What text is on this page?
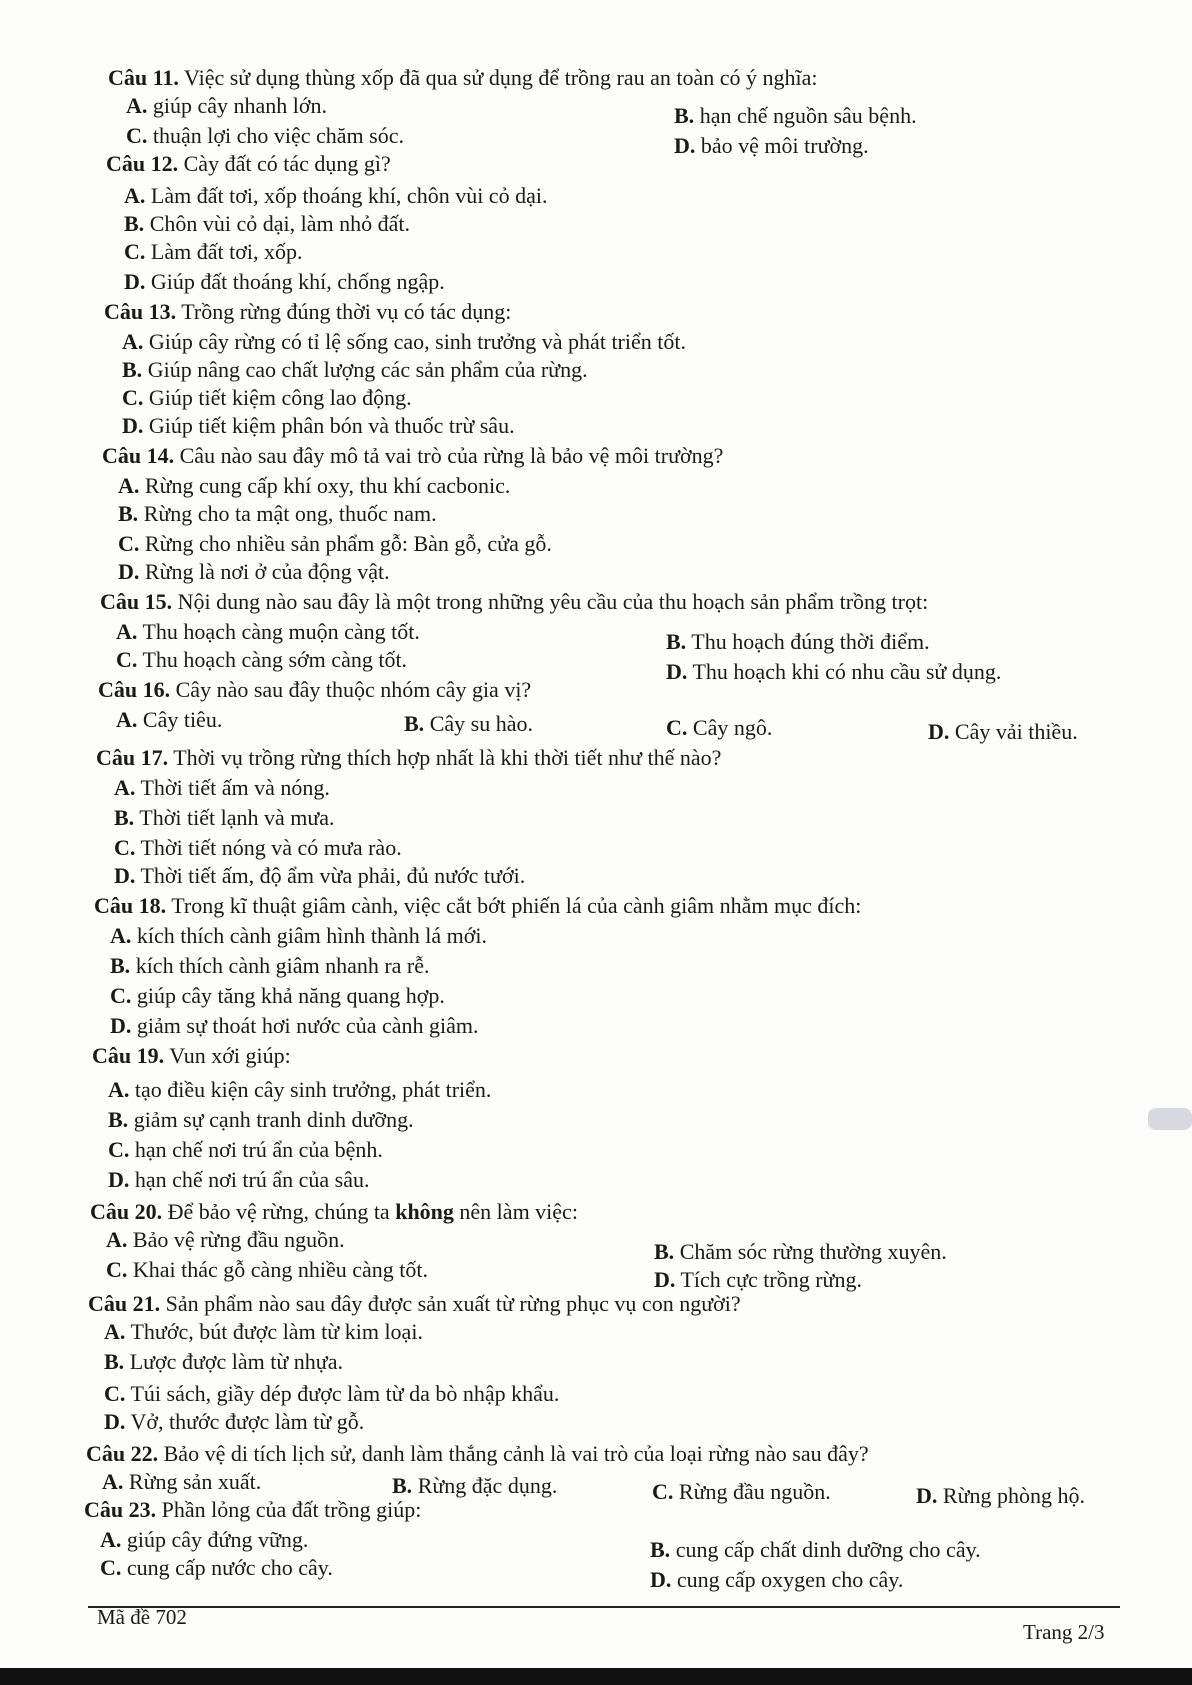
Câu 11. Việc sử dụng thùng xốp đã qua sử dụng để trồng rau an toàn có ý nghĩa:
A. giúp cây nhanh lớn.	B. hạn chế nguồn sâu bệnh.
C. thuận lợi cho việc chăm sóc.	D. bảo vệ môi trường.
Câu 12. Cày đất có tác dụng gì?
A. Làm đất tơi, xốp thoáng khí, chôn vùi cỏ dại.
B. Chôn vùi cỏ dại, làm nhỏ đất.
C. Làm đất tơi, xốp.
D. Giúp đất thoáng khí, chống ngập.
Câu 13. Trồng rừng đúng thời vụ có tác dụng:
A. Giúp cây rừng có tỉ lệ sống cao, sinh trưởng và phát triển tốt.
B. Giúp nâng cao chất lượng các sản phẩm của rừng.
C. Giúp tiết kiệm công lao động.
D. Giúp tiết kiệm phân bón và thuốc trừ sâu.
Câu 14. Câu nào sau đây mô tả vai trò của rừng là bảo vệ môi trường?
A. Rừng cung cấp khí oxy, thu khí cacbonic.
B. Rừng cho ta mật ong, thuốc nam.
C. Rừng cho nhiều sản phẩm gỗ: Bàn gỗ, cửa gỗ.
D. Rừng là nơi ở của động vật.
Câu 15. Nội dung nào sau đây là một trong những yêu cầu của thu hoạch sản phẩm trồng trọt:
A. Thu hoạch càng muộn càng tốt.	B. Thu hoạch đúng thời điểm.
C. Thu hoạch càng sớm càng tốt.	D. Thu hoạch khi có nhu cầu sử dụng.
Câu 16. Cây nào sau đây thuộc nhóm cây gia vị?
A. Cây tiêu.	B. Cây su hào.	C. Cây ngô.	D. Cây vải thiều.
Câu 17. Thời vụ trồng rừng thích hợp nhất là khi thời tiết như thế nào?
A. Thời tiết ấm và nóng.
B. Thời tiết lạnh và mưa.
C. Thời tiết nóng và có mưa rào.
D. Thời tiết ấm, độ ẩm vừa phải, đủ nước tưới.
Câu 18. Trong kĩ thuật giâm cành, việc cắt bớt phiến lá của cành giâm nhằm mục đích:
A. kích thích cành giâm hình thành lá mới.
B. kích thích cành giâm nhanh ra rễ.
C. giúp cây tăng khả năng quang hợp.
D. giảm sự thoát hơi nước của cành giâm.
Câu 19. Vun xới giúp:
A. tạo điều kiện cây sinh trưởng, phát triển.
B. giảm sự cạnh tranh dinh dưỡng.
C. hạn chế nơi trú ẩn của bệnh.
D. hạn chế nơi trú ẩn của sâu.
Câu 20. Để bảo vệ rừng, chúng ta không nên làm việc:
A. Bảo vệ rừng đầu nguồn.	B. Chăm sóc rừng thường xuyên.
C. Khai thác gỗ càng nhiều càng tốt.	D. Tích cực trồng rừng.
Câu 21. Sản phẩm nào sau đây được sản xuất từ rừng phục vụ con người?
A. Thước, bút được làm từ kim loại.
B. Lược được làm từ nhựa.
C. Túi sách, giầy dép được làm từ da bò nhập khẩu.
D. Vở, thước được làm từ gỗ.
Câu 22. Bảo vệ di tích lịch sử, danh làm thắng cảnh là vai trò của loại rừng nào sau đây?
A. Rừng sản xuất.	B. Rừng đặc dụng.	C. Rừng đầu nguồn.	D. Rừng phòng hộ.
Câu 23. Phần lỏng của đất trồng giúp:
A. giúp cây đứng vững.	B. cung cấp chất dinh dưỡng cho cây.
C. cung cấp nước cho cây.	D. cung cấp oxygen cho cây.
Mã đề 702
Trang 2/3
